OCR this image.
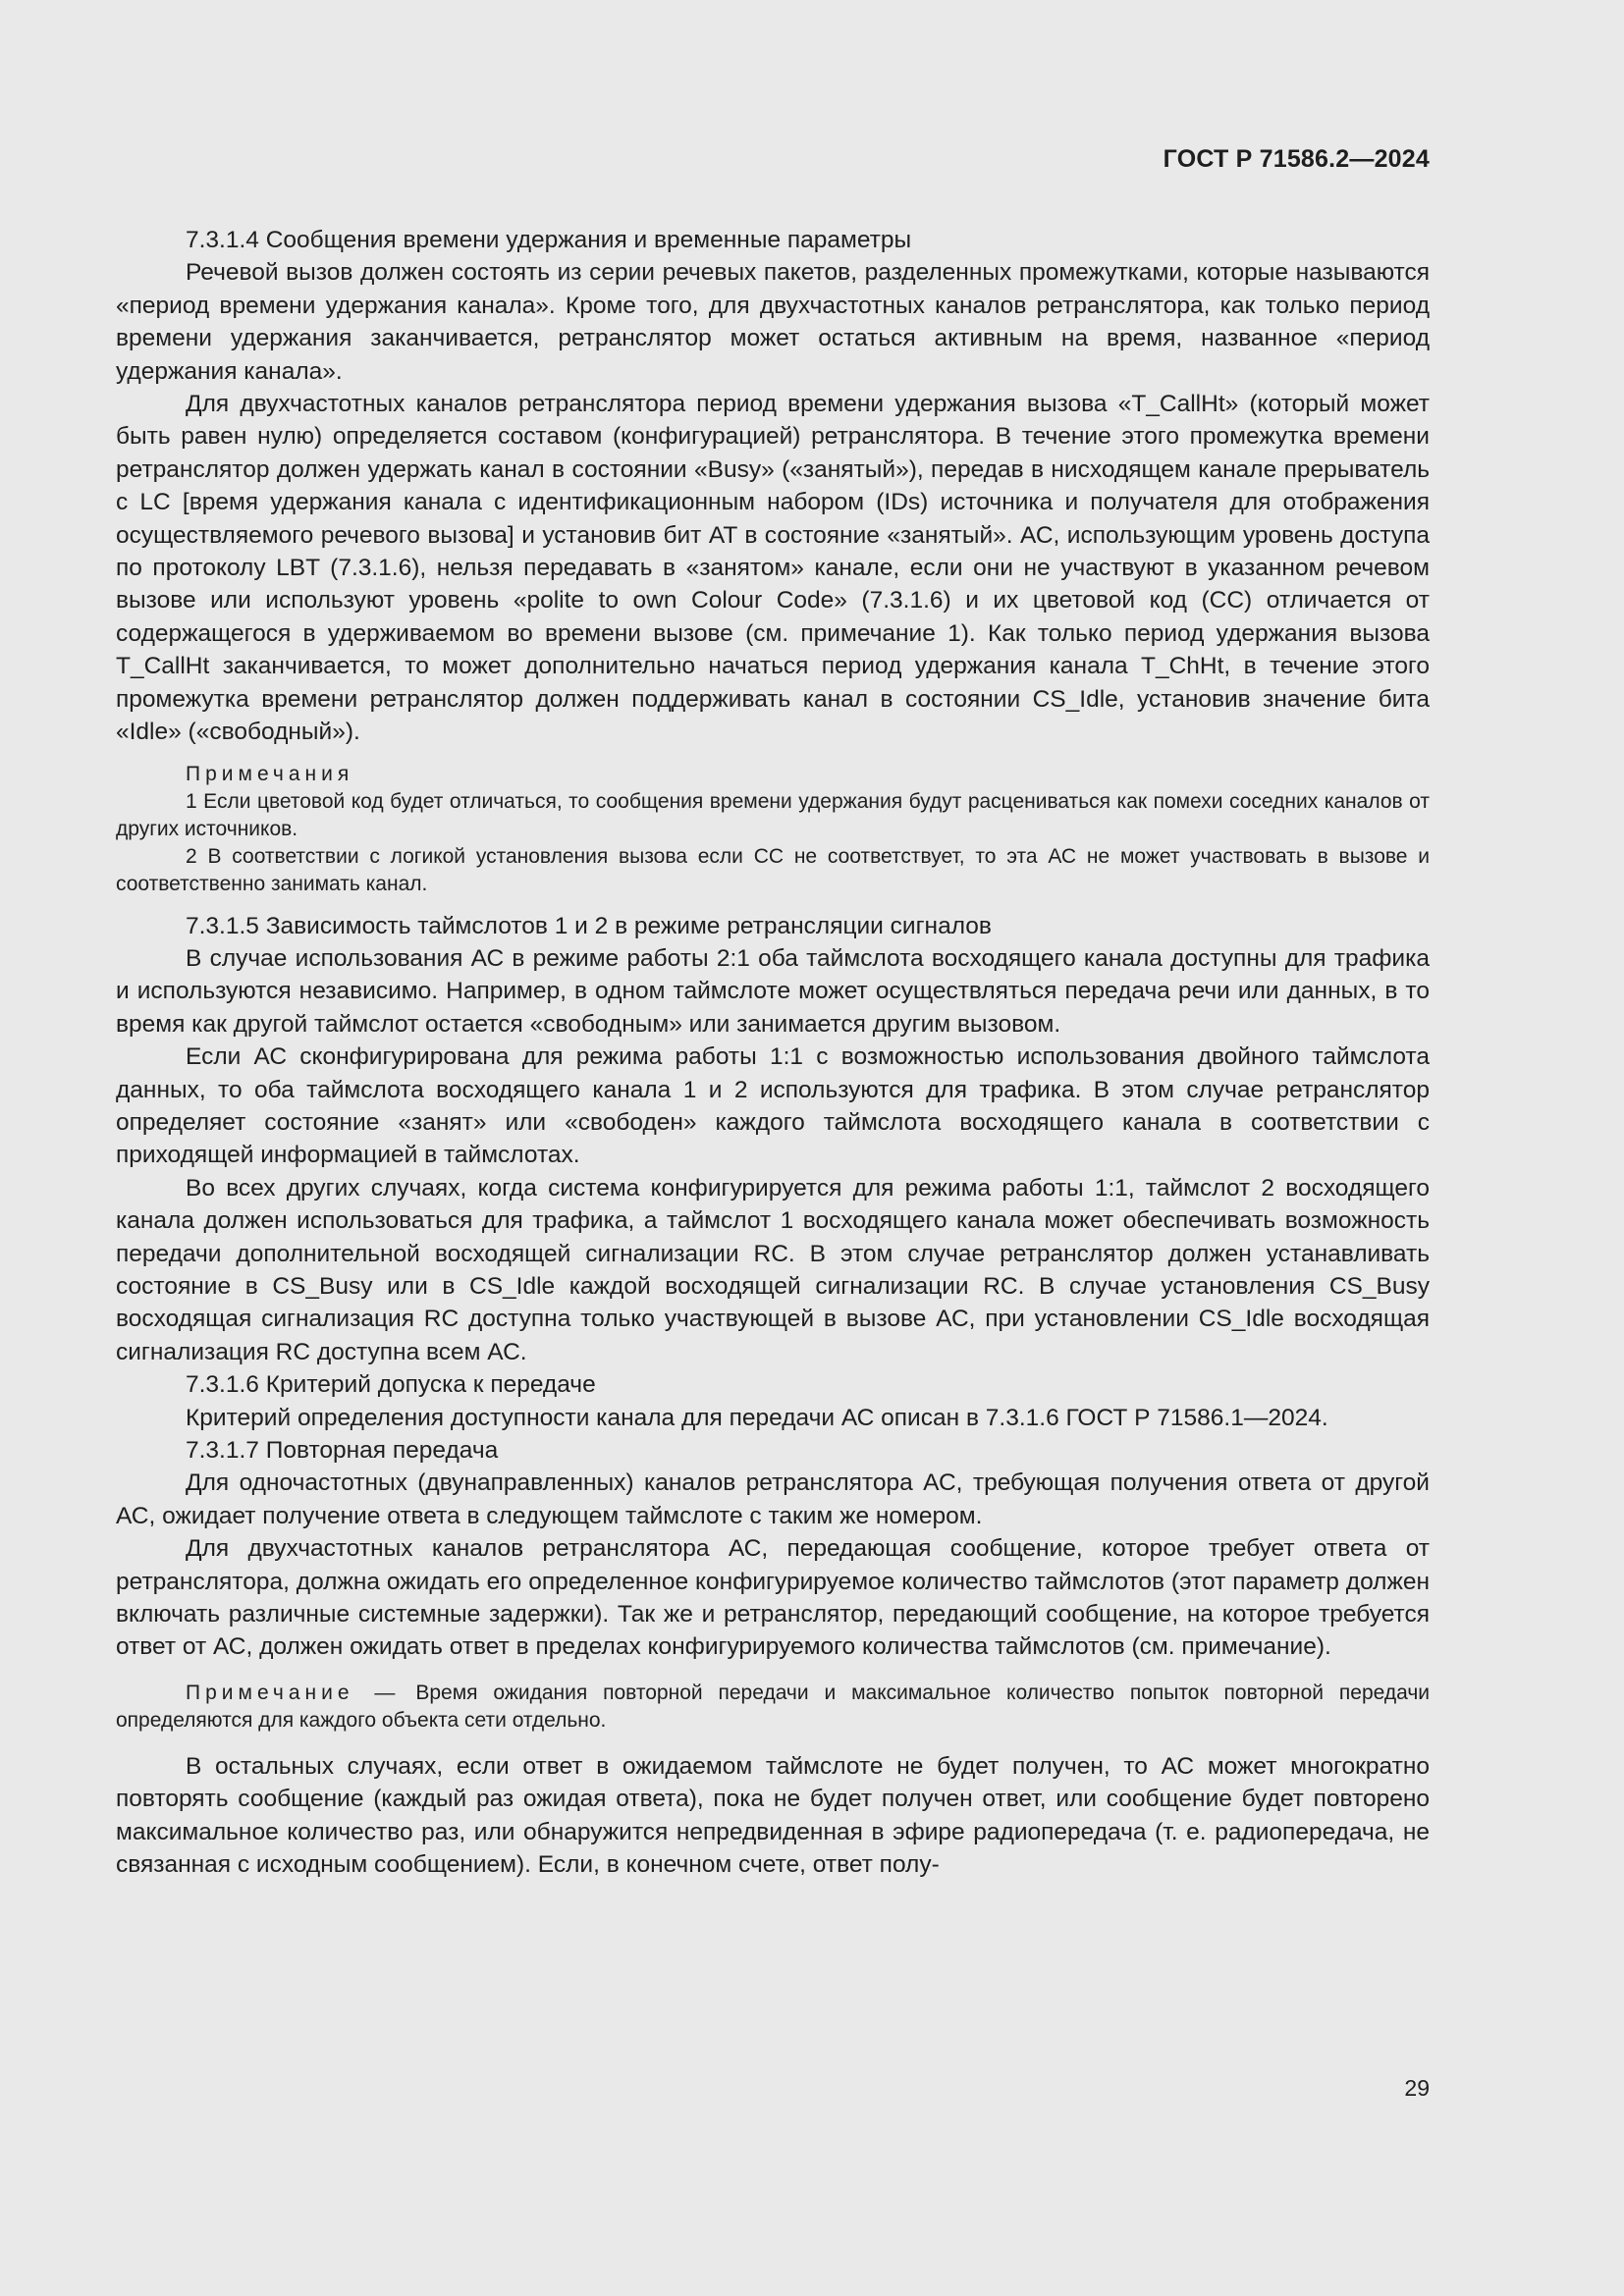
ГОСТ Р 71586.2—2024

7.3.1.4 Сообщения времени удержания и временные параметры

Речевой вызов должен состоять из серии речевых пакетов, разделенных промежутками, которые называются «период времени удержания канала». Кроме того, для двухчастотных каналов ретранслятора, как только период времени удержания заканчивается, ретранслятор может остаться активным на время, названное «период удержания канала».

Для двухчастотных каналов ретранслятора период времени удержания вызова «T_CallHt» (который может быть равен нулю) определяется составом (конфигурацией) ретранслятора. В течение этого промежутка времени ретранслятор должен удержать канал в состоянии «Busy» («занятый»), передав в нисходящем канале прерыватель с LC [время удержания канала с идентификационным набором (IDs) источника и получателя для отображения осуществляемого речевого вызова] и установив бит AT в состояние «занятый». АС, использующим уровень доступа по протоколу LBT (7.3.1.6), нельзя передавать в «занятом» канале, если они не участвуют в указанном речевом вызове или используют уровень «polite to own Colour Code» (7.3.1.6) и их цветовой код (CC) отличается от содержащегося в удерживаемом во времени вызове (см. примечание 1). Как только период удержания вызова T_CallHt заканчивается, то может дополнительно начаться период удержания канала T_ChHt, в течение этого промежутка времени ретранслятор должен поддерживать канал в состоянии CS_Idle, установив значение бита «Idle» («свободный»).

Примечания

1 Если цветовой код будет отличаться, то сообщения времени удержания будут расцениваться как помехи соседних каналов от других источников.

2 В соответствии с логикой установления вызова если CC не соответствует, то эта АС не может участвовать в вызове и соответственно занимать канал.

7.3.1.5 Зависимость таймслотов 1 и 2 в режиме ретрансляции сигналов

В случае использования АС в режиме работы 2:1 оба таймслота восходящего канала доступны для трафика и используются независимо. Например, в одном таймслоте может осуществляться передача речи или данных, в то время как другой таймслот остается «свободным» или занимается другим вызовом.

Если АС сконфигурирована для режима работы 1:1 с возможностью использования двойного таймслота данных, то оба таймслота восходящего канала 1 и 2 используются для трафика. В этом случае ретранслятор определяет состояние «занят» или «свободен» каждого таймслота восходящего канала в соответствии с приходящей информацией в таймслотах.

Во всех других случаях, когда система конфигурируется для режима работы 1:1, таймслот 2 восходящего канала должен использоваться для трафика, а таймслот 1 восходящего канала может обеспечивать возможность передачи дополнительной восходящей сигнализации RC. В этом случае ретранслятор должен устанавливать состояние в CS_Busy или в CS_Idle каждой восходящей сигнализации RC. В случае установления CS_Busy восходящая сигнализация RC доступна только участвующей в вызове АС, при установлении CS_Idle восходящая сигнализация RC доступна всем АС.

7.3.1.6 Критерий допуска к передаче

Критерий определения доступности канала для передачи АС описан в 7.3.1.6 ГОСТ Р 71586.1—2024.

7.3.1.7 Повторная передача

Для одночастотных (двунаправленных) каналов ретранслятора АС, требующая получения ответа от другой АС, ожидает получение ответа в следующем таймслоте с таким же номером.

Для двухчастотных каналов ретранслятора АС, передающая сообщение, которое требует ответа от ретранслятора, должна ожидать его определенное конфигурируемое количество таймслотов (этот параметр должен включать различные системные задержки). Так же и ретранслятор, передающий сообщение, на которое требуется ответ от АС, должен ожидать ответ в пределах конфигурируемого количества таймслотов (см. примечание).

Примечание — Время ожидания повторной передачи и максимальное количество попыток повторной передачи определяются для каждого объекта сети отдельно.

В остальных случаях, если ответ в ожидаемом таймслоте не будет получен, то АС может многократно повторять сообщение (каждый раз ожидая ответа), пока не будет получен ответ, или сообщение будет повторено максимальное количество раз, или обнаружится непредвиденная в эфире радиопередача (т. е. радиопередача, не связанная с исходным сообщением). Если, в конечном счете, ответ полу-

29
